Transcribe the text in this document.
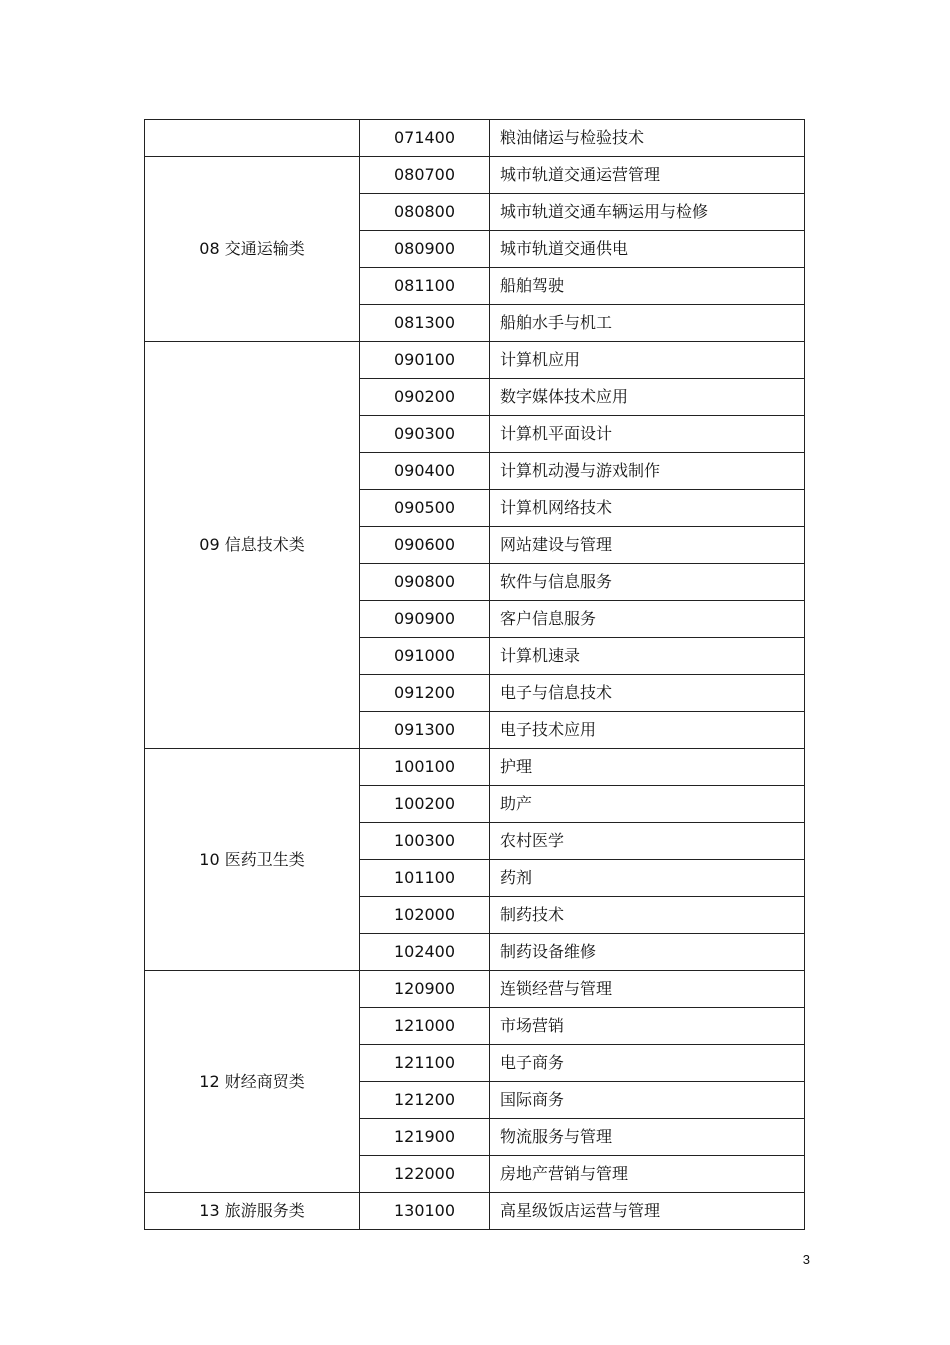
	071400	粮油储运与检验技术
08 交通运输类	080700	城市轨道交通运营管理
	080800	城市轨道交通车辆运用与检修
	080900	城市轨道交通供电
	081100	船舶驾驶
	081300	船舶水手与机工
09 信息技术类	090100	计算机应用
	090200	数字媒体技术应用
	090300	计算机平面设计
	090400	计算机动漫与游戏制作
	090500	计算机网络技术
	090600	网站建设与管理
	090800	软件与信息服务
	090900	客户信息服务
	091000	计算机速录
	091200	电子与信息技术
	091300	电子技术应用
10 医药卫生类	100100	护理
	100200	助产
	100300	农村医学
	101100	药剂
	102000	制药技术
	102400	制药设备维修
12 财经商贸类	120900	连锁经营与管理
	121000	市场营销
	121100	电子商务
	121200	国际商务
	121900	物流服务与管理
	122000	房地产营销与管理
13 旅游服务类	130100	高星级饭店运营与管理
3
